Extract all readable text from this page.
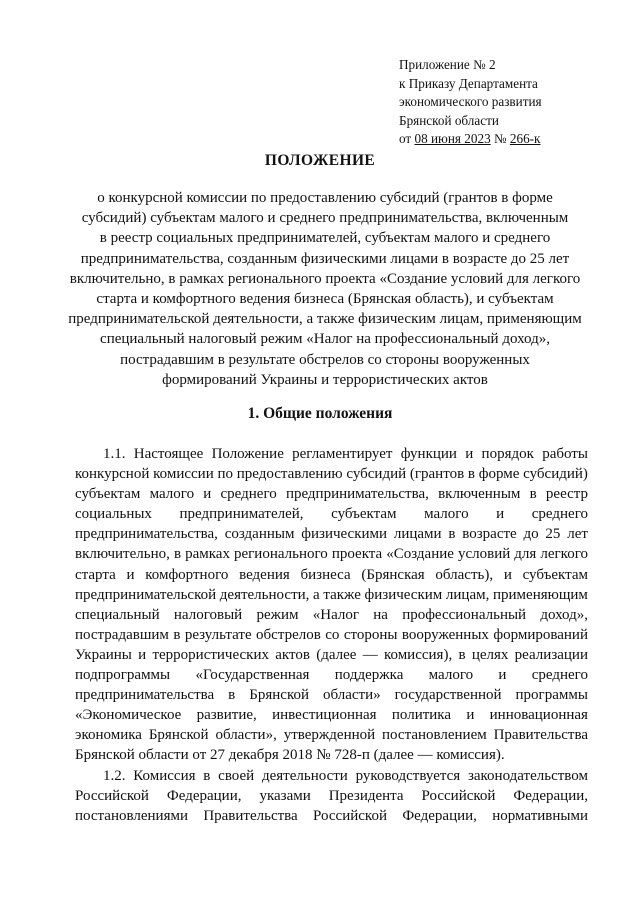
Приложение № 2
к Приказу Департамента
экономического развития
Брянской области
от 08 июня 2023 № 266-к
ПОЛОЖЕНИЕ
о конкурсной комиссии по предоставлению субсидий (грантов в форме
субсидий) субъектам малого и среднего предпринимательства, включенным
в реестр социальных предпринимателей, субъектам малого и среднего
предпринимательства, созданным физическими лицами в возрасте до 25 лет
включительно, в рамках регионального проекта «Создание условий для легкого
старта и комфортного ведения бизнеса (Брянская область), и субъектам
предпринимательской деятельности, а также физическим лицам, применяющим
специальный налоговый режим «Налог на профессиональный доход»,
пострадавшим в результате обстрелов со стороны вооруженных
формирований Украины и террористических актов
1. Общие положения
1.1. Настоящее Положение регламентирует функции и порядок работы
конкурсной комиссии по предоставлению субсидий (грантов в форме субсидий)
субъектам малого и среднего предпринимательства, включенным в реестр
социальных предпринимателей, субъектам малого и среднего
предпринимательства, созданным физическими лицами в возрасте до 25 лет
включительно, в рамках регионального проекта «Создание условий для легкого
старта и комфортного ведения бизнеса (Брянская область), и субъектам
предпринимательской деятельности, а также физическим лицам, применяющим
специальный налоговый режим «Налог на профессиональный доход»,
пострадавшим в результате обстрелов со стороны вооруженных формирований
Украины и террористических актов (далее — комиссия), в целях реализации
подпрограммы «Государственная поддержка малого и среднего
предпринимательства в Брянской области» государственной программы
«Экономическое развитие, инвестиционная политика и инновационная
экономика Брянской области», утвержденной постановлением Правительства
Брянской области от 27 декабря 2018 № 728-п (далее — комиссия).
1.2. Комиссия в своей деятельности руководствуется законодательством
Российской Федерации, указами Президента Российской Федерации,
постановлениями Правительства Российской Федерации, нормативными
